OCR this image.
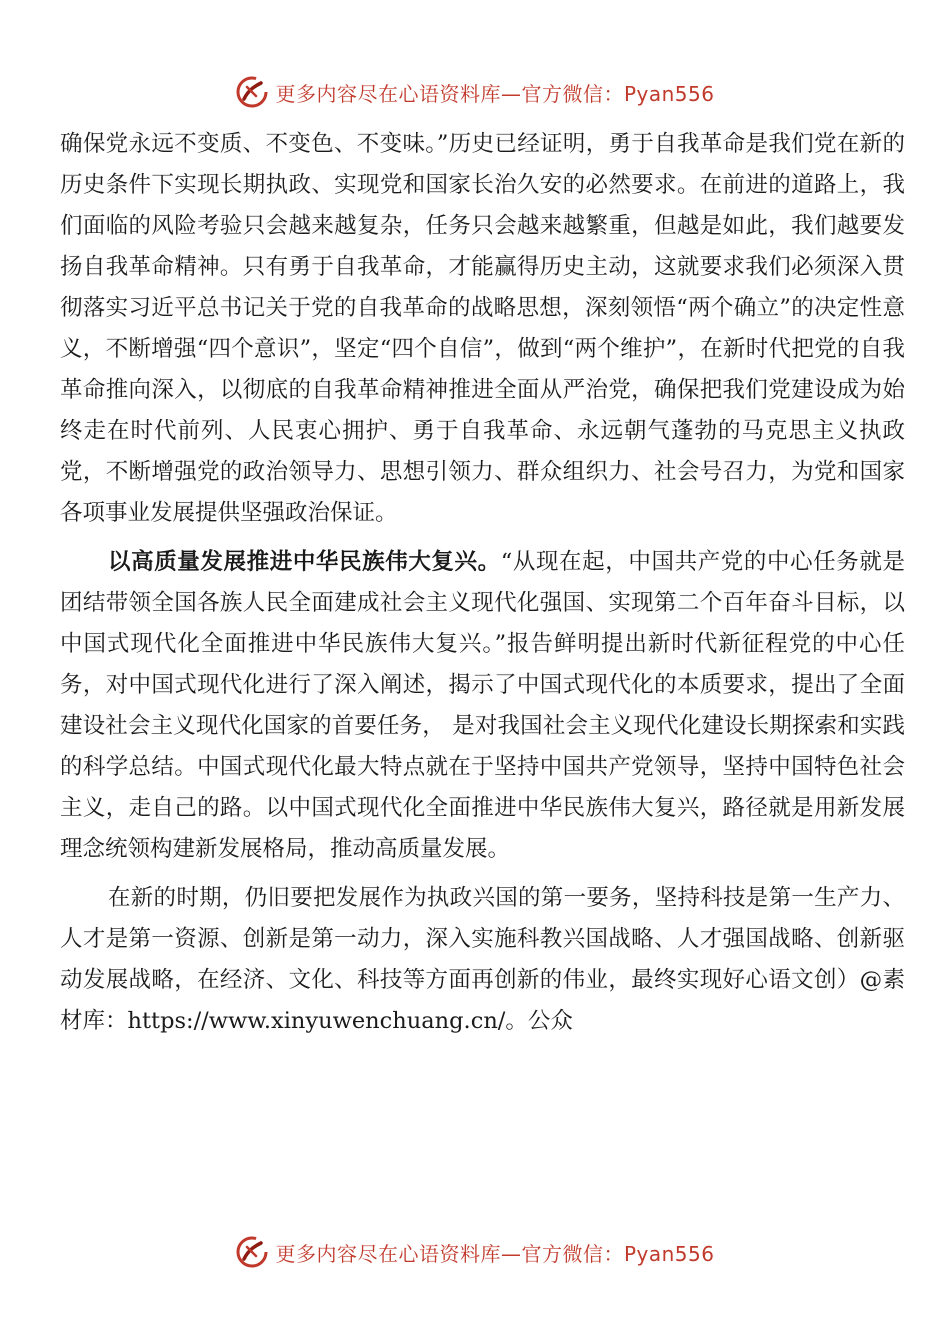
更多内容尽在心语资料库—官方微信：Pyan556

确保党永远不变质、不变色、不变味。”历史已经证明，勇于自我革命是我们党在新的历史条件下实现长期执政、实现党和国家长治久安的必然要求。在前进的道路上，我们面临的风险考验只会越来越复杂，任务只会越来越繁重，但越是如此，我们越要发扬自我革命精神。只有勇于自我革命，才能赢得历史主动，这就要求我们必须深入贯彻落实习近平总书记关于党的自我革命的战略思想，深刻领悟“两个确立”的决定性意义，不断增强“四个意识”，坚定“四个自信”，做到“两个维护”，在新时代把党的自我革命推向深入，以彻底的自我革命精神推进全面从严治党，确保把我们党建设成为始终走在时代前列、人民衷心拥护、勇于自我革命、永远朝气蓬勃的马克思主义执政党，不断增强党的政治领导力、思想引领力、群众组织力、社会号召力，为党和国家各项事业发展提供坚强政治保证。

以高质量发展推进中华民族伟大复兴。“从现在起，中国共产党的中心任务就是团结带领全国各族人民全面建成社会主义现代化强国、实现第二个百年奋斗目标，以中国式现代化全面推进中华民族伟大复兴。”报告鲜明提出新时代新征程党的中心任务，对中国式现代化进行了深入阐述，揭示了中国式现代化的本质要求，提出了全面建设社会主义现代化国家的首要任务， 是对我国社会主义现代化建设长期探索和实践的科学总结。中国式现代化最大特点就在于坚持中国共产党领导，坚持中国特色社会主义，走自己的路。以中国式现代化全面推进中华民族伟大复兴，路径就是用新发展理念统领构建新发展格局，推动高质量发展。

在新的时期，仍旧要把发展作为执政兴国的第一要务，坚持科技是第一生产力、人才是第一资源、创新是第一动力，深入实施科教兴国战略、人才强国战略、创新驱动发展战略，在经济、文化、科技等方面再创新的伟业，最终实现好心语文创）@素材库：https://www.xinyuwenchuang.cn/。公众

更多内容尽在心语资料库—官方微信：Pyan556
